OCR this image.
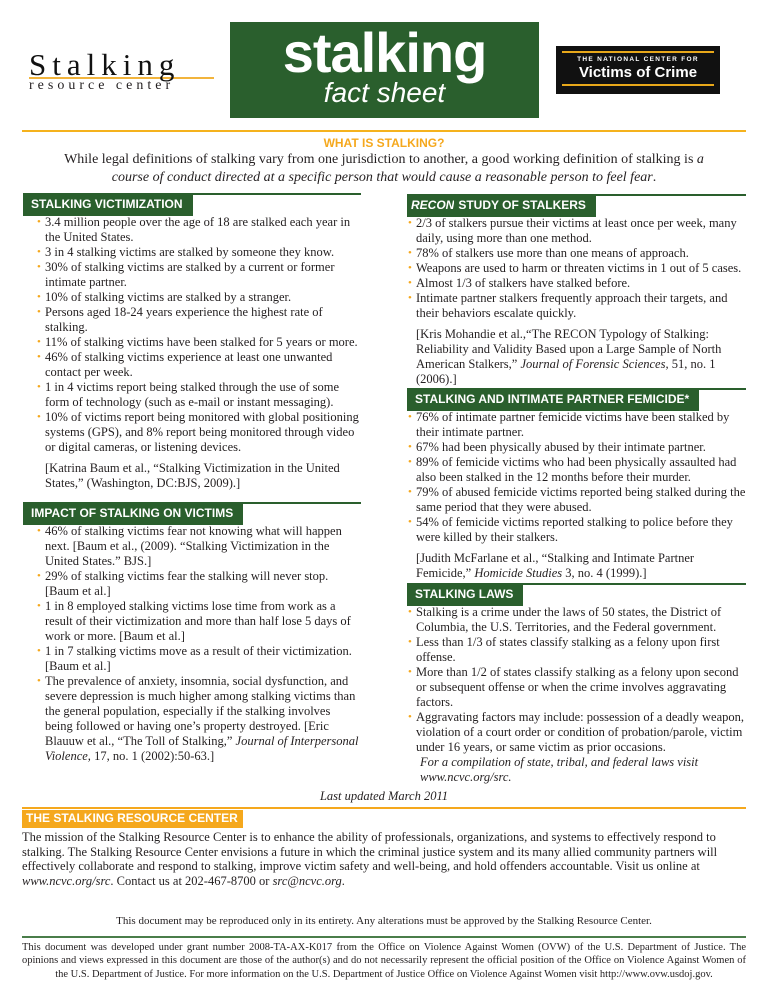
Stalking
resource center
stalking
fact sheet
THE NATIONAL CENTER FOR
Victims of Crime
WHAT IS STALKING?
While legal definitions of stalking vary from one jurisdiction to another, a good working definition of stalking is a course of conduct directed at a specific person that would cause a reasonable person to feel fear.
STALKING VICTIMIZATION
• 3.4 million people over the age of 18 are stalked each year in the United States.
• 3 in 4 stalking victims are stalked by someone they know.
• 30% of stalking victims are stalked by a current or former intimate partner.
• 10% of stalking victims are stalked by a stranger.
• Persons aged 18-24 years experience the highest rate of stalking.
• 11% of stalking victims have been stalked for 5 years or more.
• 46% of stalking victims experience at least one unwanted contact per week.
• 1 in 4 victims report being stalked through the use of some form of technology (such as e-mail or instant messaging).
• 10% of victims report being monitored with global positioning systems (GPS), and 8% report being monitored through video or digital cameras, or listening devices.
[Katrina Baum et al., “Stalking Victimization in the United States,” (Washington, DC:BJS, 2009).]
IMPACT OF STALKING ON VICTIMS
• 46% of stalking victims fear not knowing what will happen next. [Baum et al., (2009). “Stalking Victimization in the United States.” BJS.]
• 29% of stalking victims fear the stalking will never stop. [Baum et al.]
• 1 in 8 employed stalking victims lose time from work as a result of their victimization and more than half lose 5 days of work or more. [Baum et al.]
• 1 in 7 stalking victims move as a result of their victimization. [Baum et al.]
• The prevalence of anxiety, insomnia, social dysfunction, and severe depression is much higher among stalking victims than the general population, especially if the stalking involves being followed or having one’s property destroyed. [Eric Blauuw et al., “The Toll of Stalking,” Journal of Interpersonal Violence, 17, no. 1 (2002):50-63.]
RECONSTUDY OF STALKERS
• 2/3 of stalkers pursue their victims at least once per week, many daily, using more than one method.
• 78% of stalkers use more than one means of approach.
• Weapons are used to harm or threaten victims in 1 out of 5 cases.
• Almost 1/3 of stalkers have stalked before.
• Intimate partner stalkers frequently approach their targets, and their behaviors escalate quickly.
[Kris Mohandie et al.,“The RECON Typology of Stalking: Reliability and Validity Based upon a Large Sample of North American Stalkers,” Journal of Forensic Sciences, 51, no. 1 (2006).]
STALKING AND INTIMATE PARTNER FEMICIDE*
• 76% of intimate partner femicide victims have been stalked by their intimate partner.
• 67% had been physically abused by their intimate partner.
• 89% of femicide victims who had been physically assaulted had also been stalked in the 12 months before their murder.
• 79% of abused femicide victims reported being stalked during the same period that they were abused.
• 54% of femicide victims reported stalking to police before they were killed by their stalkers.
[Judith McFarlane et al., “Stalking and Intimate Partner Femicide,” Homicide Studies 3, no. 4 (1999).]
STALKING LAWS
• Stalking is a crime under the laws of 50 states, the District of Columbia, the U.S. Territories, and the Federal government.
• Less than 1/3 of states classify stalking as a felony upon first offense.
• More than 1/2 of states classify stalking as a felony upon second or subsequent offense or when the crime involves aggravating factors.
• Aggravating factors may include: possession of a deadly weapon, violation of a court order or condition of probation/parole, victim under 16 years, or same victim as prior occasions.
For a compilation of state, tribal, and federal laws visit www.ncvc.org/src.
Last updated March 2011
THE STALKING RESOURCE CENTER

The mission of the Stalking Resource Center is to enhance the ability of professionals, organizations, and systems to effectively respond to stalking. The Stalking Resource Center envisions a future in which the criminal justice system and its many allied community partners will effectively collaborate and respond to stalking, improve victim safety and well-being, and hold offenders accountable. Visit us online at www.ncvc.org/src. Contact us at 202-467-8700 or src@ncvc.org.

This document may be reproduced only in its entirety. Any alterations must be approved by the Stalking Resource Center.
This document was developed under grant number 2008-TA-AX-K017 from the Office on Violence Against Women (OVW) of the U.S. Department of Justice. The opinions and views expressed in this document are those of the author(s) and do not necessarily represent the official position of the Office on Violence Against Women of the U.S. Department of Justice. For more information on the U.S. Department of Justice Office on Violence Against Women visit http://www.ovw.usdoj.gov.
